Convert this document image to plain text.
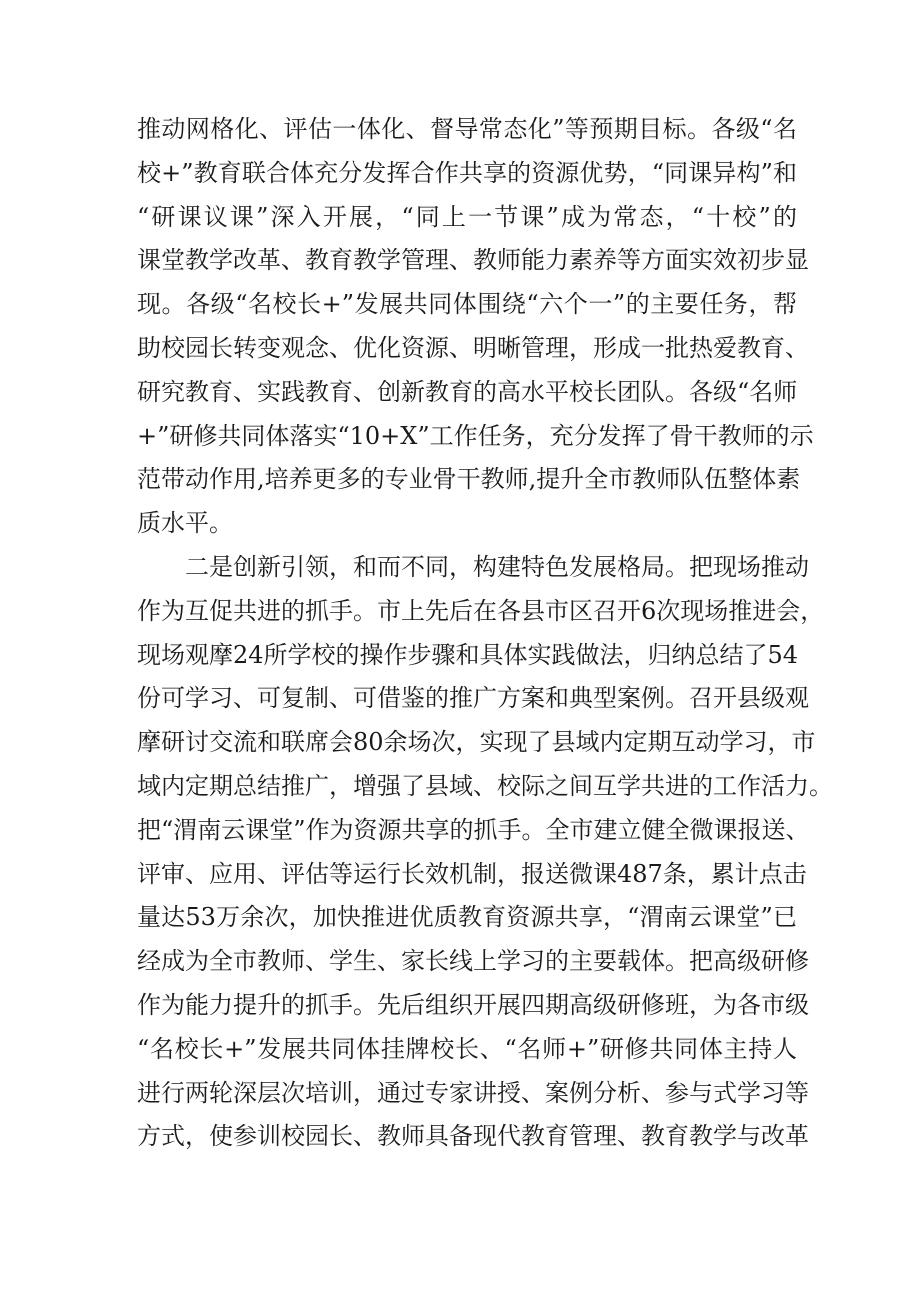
推动网格化、评估一体化、督导常态化”等预期目标。各级“名
校+”教育联合体充分发挥合作共享的资源优势，“同课异构”和
“研课议课”深入开展，“同上一节课”成为常态，“十校”的
课堂教学改革、教育教学管理、教师能力素养等方面实效初步显
现。各级“名校长+”发展共同体围绕“六个一”的主要任务，帮
助校园长转变观念、优化资源、明晰管理，形成一批热爱教育、
研究教育、实践教育、创新教育的高水平校长团队。各级“名师
+”研修共同体落实“10+X”工作任务，充分发挥了骨干教师的示
范带动作用,培养更多的专业骨干教师,提升全市教师队伍整体素
质水平。
二是创新引领，和而不同，构建特色发展格局。把现场推动
作为互促共进的抓手。市上先后在各县市区召开6次现场推进会，
现场观摩24所学校的操作步骤和具体实践做法，归纳总结了54
份可学习、可复制、可借鉴的推广方案和典型案例。召开县级观
摩研讨交流和联席会80余场次，实现了县域内定期互动学习，市
域内定期总结推广，增强了县域、校际之间互学共进的工作活力。
把“渭南云课堂”作为资源共享的抓手。全市建立健全微课报送、
评审、应用、评估等运行长效机制，报送微课487条，累计点击
量达53万余次，加快推进优质教育资源共享，“渭南云课堂”已
经成为全市教师、学生、家长线上学习的主要载体。把高级研修
作为能力提升的抓手。先后组织开展四期高级研修班，为各市级
“名校长+”发展共同体挂牌校长、“名师+”研修共同体主持人
进行两轮深层次培训，通过专家讲授、案例分析、参与式学习等
方式，使参训校园长、教师具备现代教育管理、教育教学与改革
